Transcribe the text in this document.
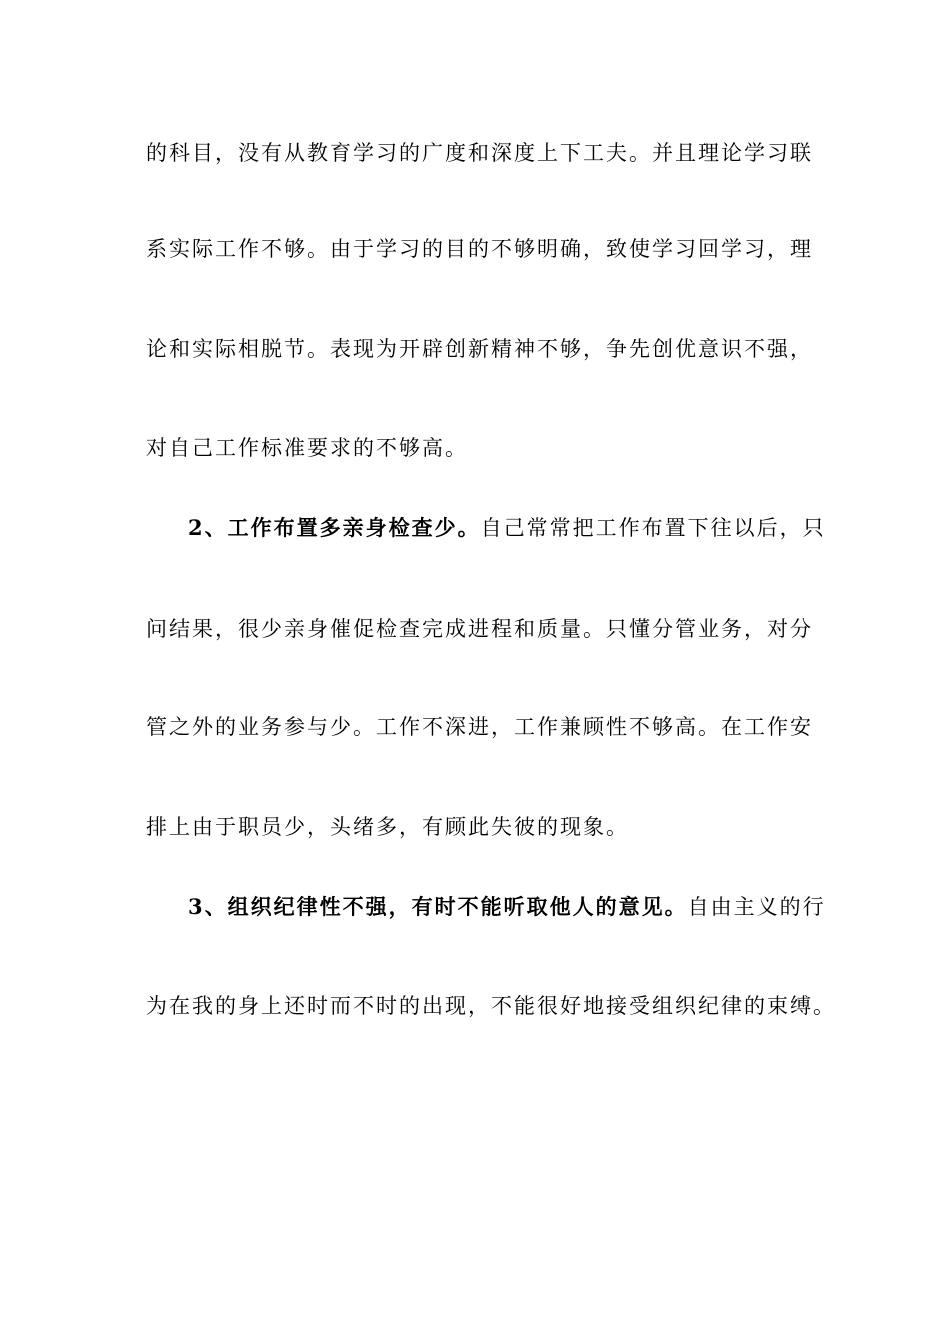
的科目，没有从教育学习的广度和深度上下工夫。并且理论学习联
系实际工作不够。由于学习的目的不够明确，致使学习回学习，理
论和实际相脱节。表现为开辟创新精神不够，争先创优意识不强，
对自己工作标准要求的不够高。
2、工作布置多亲身检查少。自己常常把工作布置下往以后，只
问结果，很少亲身催促检查完成进程和质量。只懂分管业务，对分
管之外的业务参与少。工作不深进，工作兼顾性不够高。在工作安
排上由于职员少，头绪多，有顾此失彼的现象。
3、组织纪律性不强，有时不能听取他人的意见。自由主义的行
为在我的身上还时而不时的出现，不能很好地接受组织纪律的束缚。
